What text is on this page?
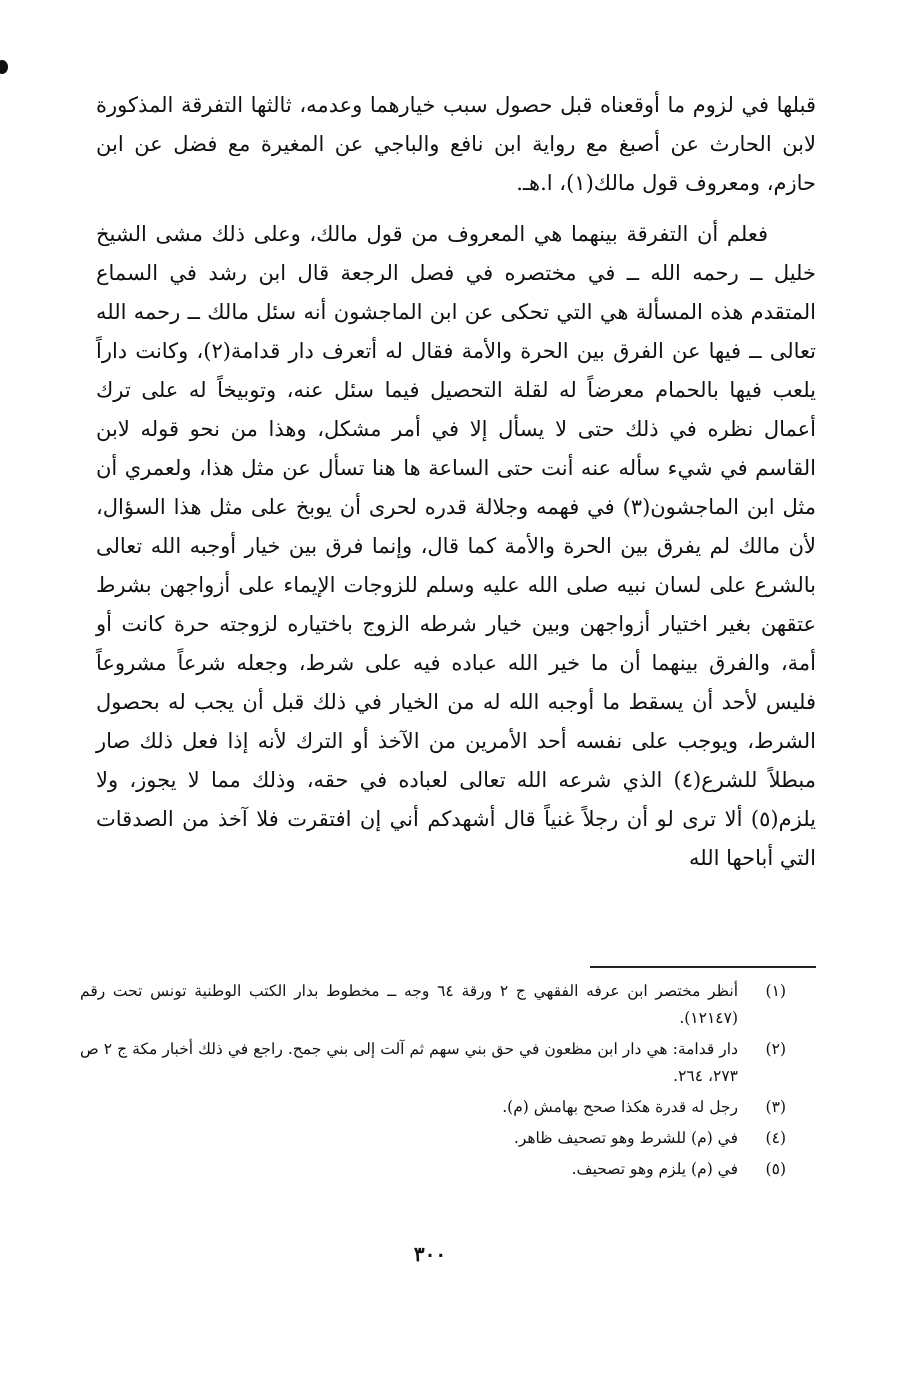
قبلها في لزوم ما أوقعناه قبل حصول سبب خيارهما وعدمه، ثالثها التفرقة المذكورة لابن الحارث عن أصبغ مع رواية ابن نافع والباجي عن المغيرة مع فضل عن ابن حازم، ومعروف قول مالك(١)، ا.هـ.

فعلم أن التفرقة بينهما هي المعروف من قول مالك، وعلى ذلك مشى الشيخ خليل ــ رحمه الله ــ في مختصره في فصل الرجعة قال ابن رشد في السماع المتقدم هذه المسألة هي التي تحكى عن ابن الماجشون أنه سئل مالك ــ رحمه الله تعالى ــ فيها عن الفرق بين الحرة والأمة فقال له أتعرف دار قدامة(٢)، وكانت داراً يلعب فيها بالحمام معرضاً له لقلة التحصيل فيما سئل عنه، وتوبيخاً له على ترك أعمال نظره في ذلك حتى لا يسأل إلا في أمر مشكل، وهذا من نحو قوله لابن القاسم في شيء سأله عنه أنت حتى الساعة ها هنا تسأل عن مثل هذا، ولعمري أن مثل ابن الماجشون(٣) في فهمه وجلالة قدره لحرى أن يوبخ على مثل هذا السؤال، لأن مالك لم يفرق بين الحرة والأمة كما قال، وإنما فرق بين خيار أوجبه الله تعالى بالشرع على لسان نبيه صلى الله عليه وسلم للزوجات الإيماء على أزواجهن بشرط عتقهن بغير اختيار أزواجهن وبين خيار شرطه الزوج باختياره لزوجته حرة كانت أو أمة، والفرق بينهما أن ما خير الله عباده فيه على شرط، وجعله شرعاً مشروعاً فليس لأحد أن يسقط ما أوجبه الله له من الخيار في ذلك قبل أن يجب له بحصول الشرط، ويوجب على نفسه أحد الأمرين من الآخذ أو الترك لأنه إذا فعل ذلك صار مبطلاً للشرع(٤) الذي شرعه الله تعالى لعباده في حقه، وذلك مما لا يجوز، ولا يلزم(٥) ألا ترى لو أن رجلاً غنياً قال أشهدكم أني إن افتقرت فلا آخذ من الصدقات التي أباحها الله

(١)
أنظر مختصر ابن عرفه الفقهي ج ٢ ورقة ٦٤ وجه ــ مخطوط بدار الكتب الوطنية تونس تحت رقم (١٢١٤٧).
(٢)
دار قدامة: هي دار ابن مظعون في حق بني سهم ثم آلت إلى بني جمح. راجع في ذلك أخبار مكة ج ٢ ص ٢٧٣، ٢٦٤.
(٣)
رجل له قدرة هكذا صحح بهامش (م).
(٤)
في (م) للشرط وهو تصحيف ظاهر.
(٥)
في (م) يلزم وهو تصحيف.
٣٠٠
